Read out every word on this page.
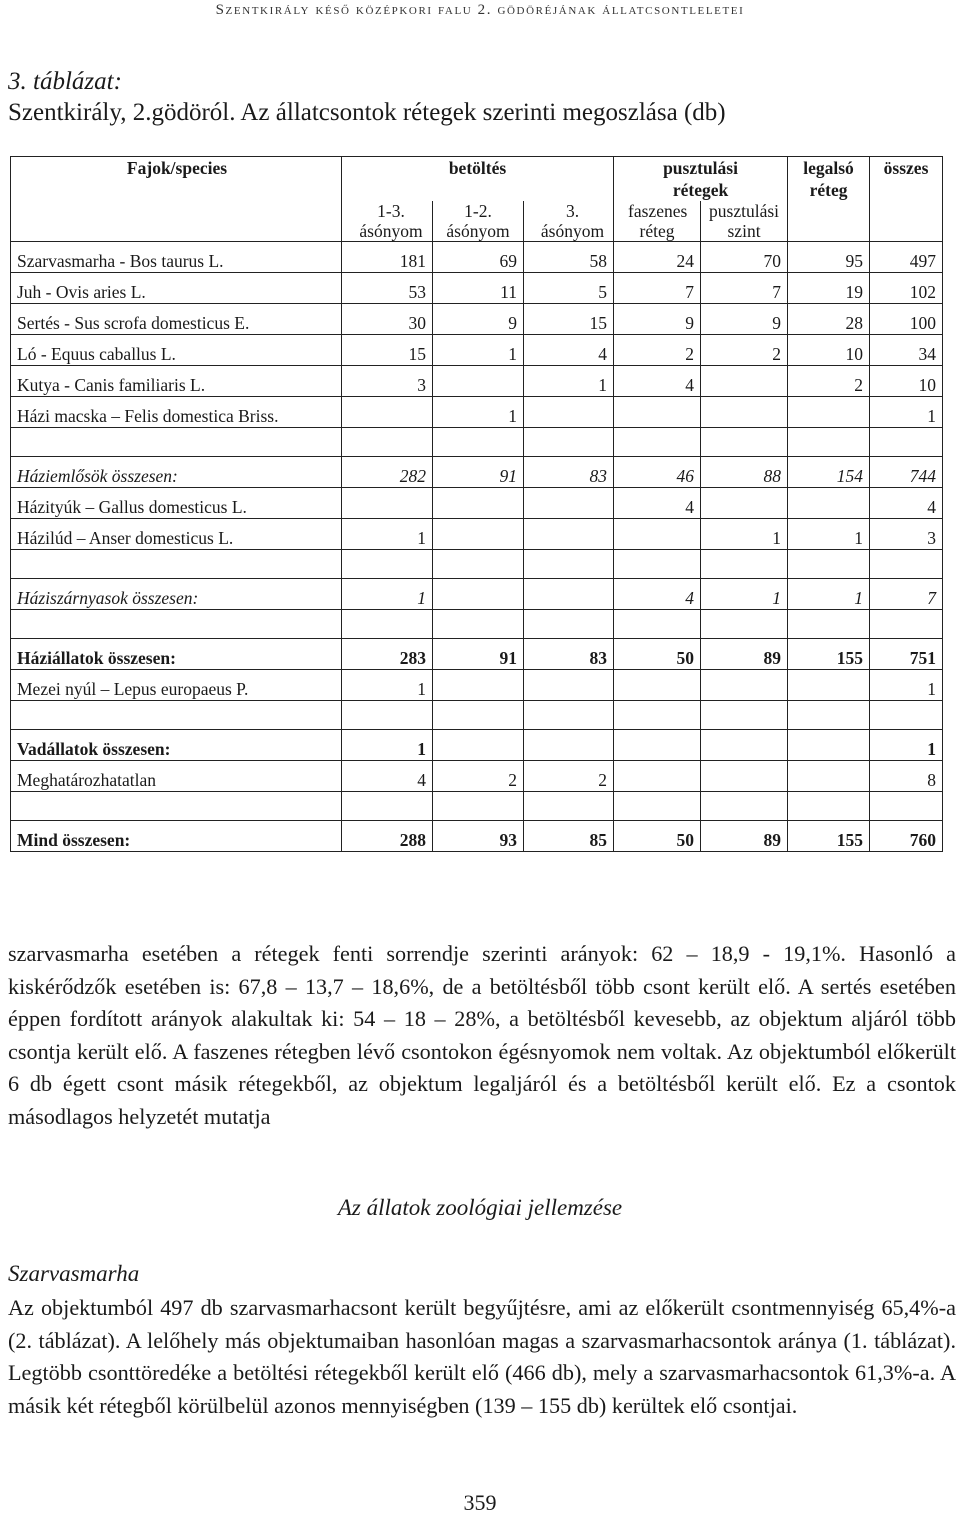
Szentkirály késő középkori falu 2. gödöréjának állatcsontleletei
3. táblázat:
Szentkirály, 2.gödöról. Az állatcsontok rétegek szerinti megoszlása (db)
Fajok/species	betöltés			pusztulási rétegek		legalsó réteg	összes
	1-3. ásónyom	1-2. ásónyom	3. ásónyom	faszenes réteg	pusztulási szint		
Szarvasmarha - Bos taurus L.	181	69	58	24	70	95	497
Juh - Ovis aries L.	53	11	5	7	7	19	102
Sertés - Sus scrofa domesticus E.	30	9	15	9	9	28	100
Ló - Equus caballus L.	15	1	4	2	2	10	34
Kutya - Canis familiaris L.	3		1	4		2	10
Házi macska – Felis domestica Briss.		1					1

Háziemlősök összesen:	282	91	83	46	88	154	744
Házityúk – Gallus domesticus L.				4			4
Házilúd – Anser domesticus L.	1				1	1	3

Háziszárnyasok összesen:	1			4	1	1	7

Háziállatok összesen:	283	91	83	50	89	155	751
Mezei nyúl – Lepus europaeus P.	1						1

Vadállatok összesen:	1						1
Meghatározhatatlan	4	2	2				8

Mind összesen:	288	93	85	50	89	155	760

szarvasmarha esetében a rétegek fenti sorrendje szerinti arányok: 62 – 18,9 - 19,1%. Hasonló a kiskérődzők esetében is: 67,8 – 13,7 – 18,6%, de a betöltésből több csont került elő. A sertés esetében éppen fordított arányok alakultak ki: 54 – 18 – 28%, a betöltésből kevesebb, az objektum aljáról több csontja került elő. A faszenes rétegben lévő csontokon égésnyomok nem voltak. Az objektumból előkerült 6 db égett csont másik rétegekből, az objektum legaljáról és a betöltésből került elő. Ez a csontok másodlagos helyzetét mutatja

Az állatok zoológiai jellemzése
Szarvasmarha

Az objektumból 497 db szarvasmarhacsont került begyűjtésre, ami az előkerült csontmennyiség 65,4%-a (2. táblázat). A lelőhely más objektumaiban hasonlóan magas a szarvasmarhacsontok aránya (1. táblázat). Legtöbb csonttöredéke a betöltési rétegekből került elő (466 db), mely a szarvasmarhacsontok 61,3%-a. A másik két rétegből körülbelül azonos mennyiségben (139 – 155 db) kerültek elő csontjai.

359
